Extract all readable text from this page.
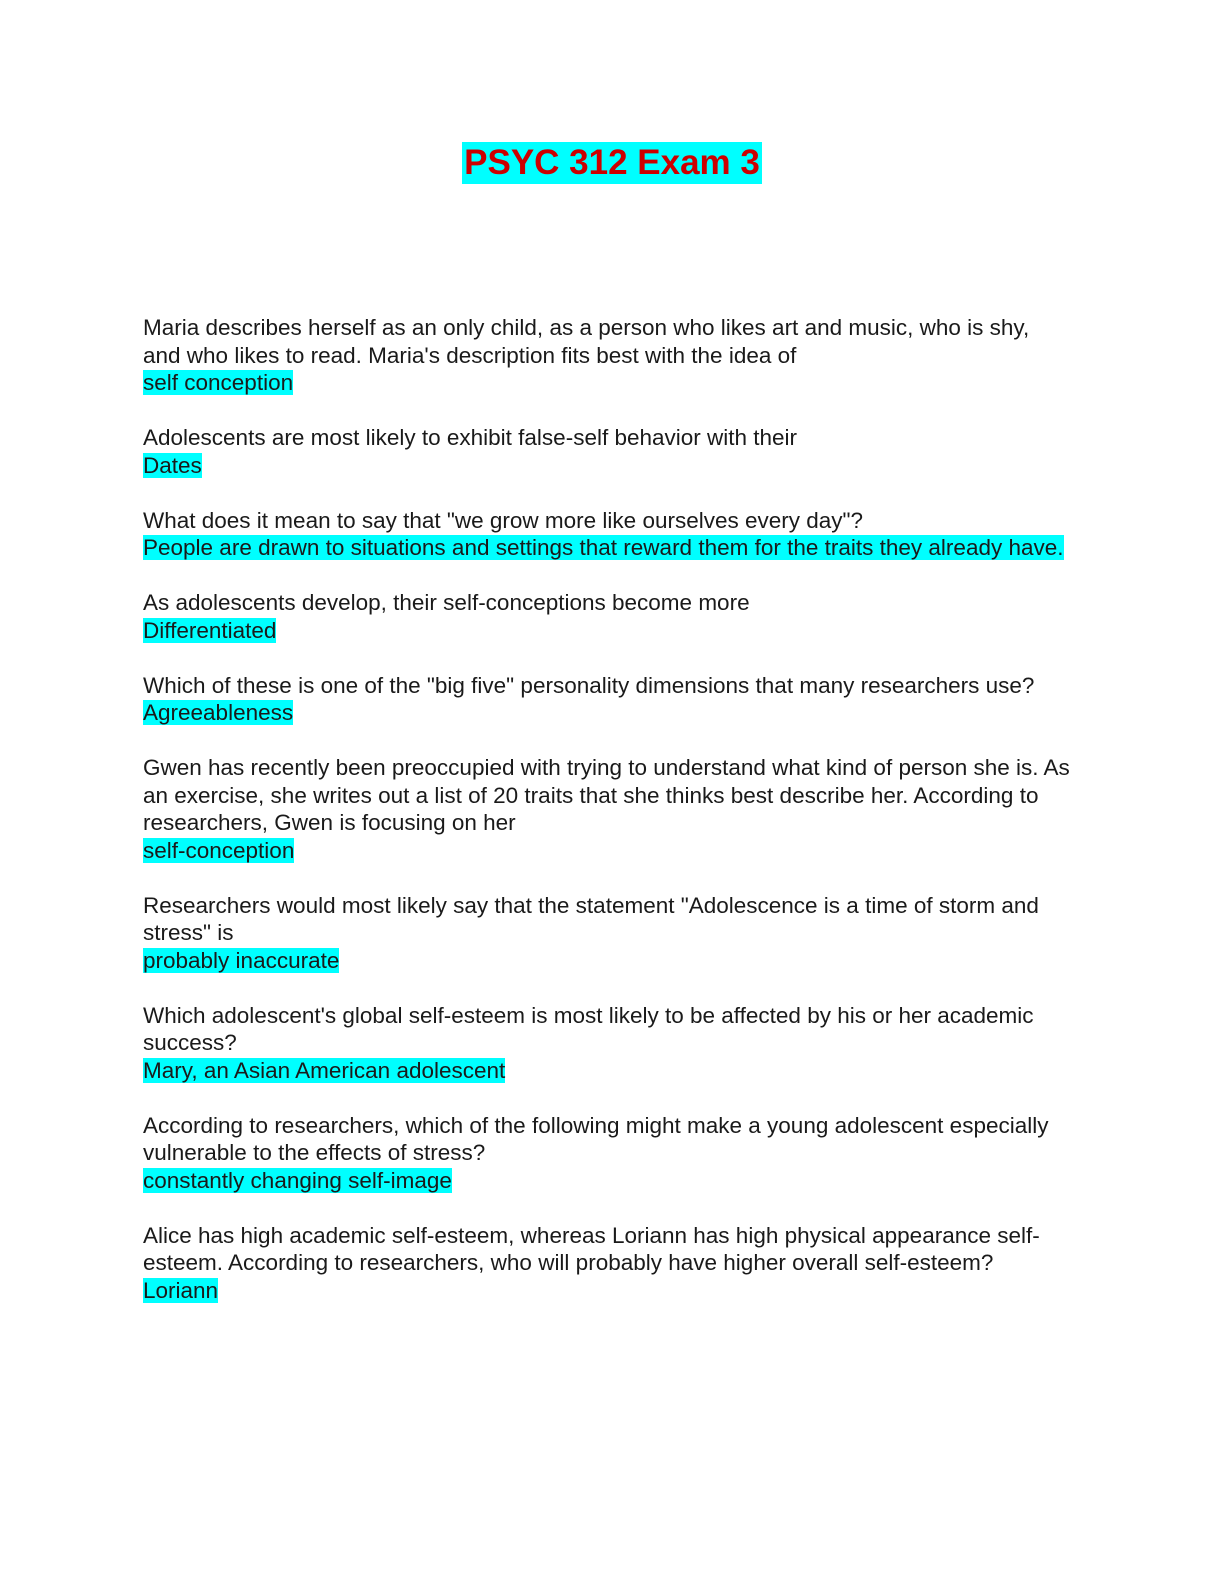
PSYC 312 Exam 3
Maria describes herself as an only child, as a person who likes art and music, who is shy, and who likes to read. Maria's description fits best with the idea of
self conception
Adolescents are most likely to exhibit false-self behavior with their
Dates
What does it mean to say that "we grow more like ourselves every day"?
People are drawn to situations and settings that reward them for the traits they already have.
As adolescents develop, their self-conceptions become more
Differentiated
Which of these is one of the "big five" personality dimensions that many researchers use?
Agreeableness
Gwen has recently been preoccupied with trying to understand what kind of person she is. As an exercise, she writes out a list of 20 traits that she thinks best describe her. According to researchers, Gwen is focusing on her
self-conception
Researchers would most likely say that the statement "Adolescence is a time of storm and stress" is
probably inaccurate
Which adolescent's global self-esteem is most likely to be affected by his or her academic success?
Mary, an Asian American adolescent
According to researchers, which of the following might make a young adolescent especially vulnerable to the effects of stress?
constantly changing self-image
Alice has high academic self-esteem, whereas Loriann has high physical appearance self-esteem. According to researchers, who will probably have higher overall self-esteem?
Loriann
